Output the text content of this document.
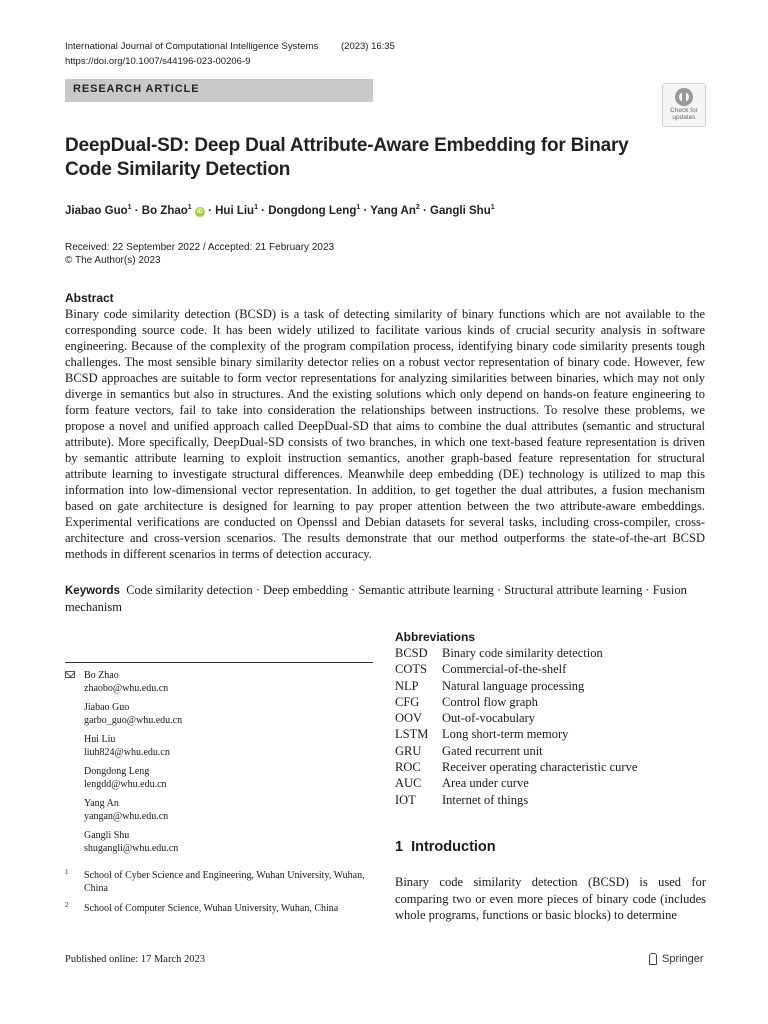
International Journal of Computational Intelligence Systems (2023) 16:35
https://doi.org/10.1007/s44196-023-00206-9
RESEARCH ARTICLE
Check for updates
DeepDual-SD: Deep Dual Attribute-Aware Embedding for Binary Code Similarity Detection
Jiabao Guo$^1$ · Bo Zhao$^1$ iD · Hui Liu$^1$ · Dongdong Leng$^1$ · Yang $An^2$ · Gangli Shu$^1$
Received: 22 September 2022 / Accepted: 21 February 2023
© The Author(s) 2023
Abstract
Binary code similarity detection (BCSD) is a task of detecting similarity of binary functions which are not available to the corresponding source code. It has been widely utilized to facilitate various kinds of crucial security analysis in software engineering. Because of the complexity of the program compilation process, identifying binary code similarity presents tough challenges. The most sensible binary similarity detector relies on a robust vector representation of binary code. However, few BCSD approaches are suitable to form vector representations for analyzing similarities between binaries, which may not only diverge in semantics but also in structures. And the existing solutions which only depend on hands-on feature engineering to form feature vectors, fail to take into consideration the relationships between instructions. To resolve these problems, we propose a novel and unified approach called DeepDual-SD that aims to combine the dual attributes (semantic and structural attribute). More specifically, DeepDual-SD consists of two branches, in which one text-based feature representation is driven by semantic attribute learning to exploit instruction semantics, another graph-based feature representation for structural attribute learning to investigate structural differences. Meanwhile deep embedding (DE) technology is utilized to map this information into low-dimensional vector representation. In addition, to get together the dual attributes, a fusion mechanism based on gate architecture is designed for learning to pay proper attention between the two attribute-aware embeddings. Experimental verifications are conducted on Openssl and Debian datasets for several tasks, including cross-compiler, cross-architecture and cross-version scenarios. The results demonstrate that our method outperforms the state-of-the-art BCSD methods in different scenarios in terms of detection accuracy.
Keywords Code similarity detection · Deep embedding · Semantic attribute learning · Structural attribute learning · Fusion mechanism
Bo Zhao
zhaobo@whu.edu.cn
Jiabao Guo
garbo_guo@whu.edu.cn
Hui Liu
liuh824@whu.edu.cn
Dongdong Leng
lengdd@whu.edu.cn
Yang An
yangan@whu.edu.cn
Gangli Shu
shugangli@whu.edu.cn
1 School of Cyber Science and Engineering, Wuhan University, Wuhan, China
2 School of Computer Science, Wuhan University, Wuhan, China
Abbreviations
BCSD	Binary code similarity detection
COTS	Commercial-of-the-shelf
NLP	Natural language processing
CFG	Control flow graph
OOV	Out-of-vocabulary
LSTM	Long short-term memory
GRU	Gated recurrent unit
ROC	Receiver operating characteristic curve
AUC	Area under curve
IOT	Internet of things
1 Introduction
Binary code similarity detection (BCSD) is used for comparing two or even more pieces of binary code (includes whole programs, functions or basic blocks) to determine
Published online: 17 March 2023	Springer
